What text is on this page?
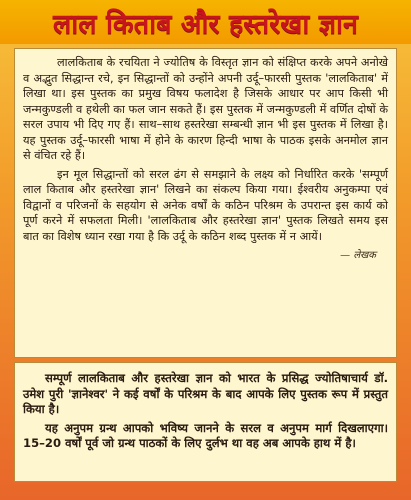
लाल किताब और हस्तरेखा ज्ञान

लालकिताब के रचयिता ने ज्योतिष के विस्तृत ज्ञान को संक्षिप्त करके अपने अनोखे व अद्भुत सिद्धान्त रचे, इन सिद्धान्तों को उन्होंने अपनी उर्दू–फारसी पुस्तक 'लालकिताब' में लिखा था। इस पुस्तक का प्रमुख विषय फलादेश है जिसके आधार पर आप किसी भी जन्मकुण्डली व हथेली का फल जान सकते हैं। इस पुस्तक में जन्मकुण्डली में वर्णित दोषों के सरल उपाय भी दिए गए हैं। साथ–साथ हस्तरेखा सम्बन्धी ज्ञान भी इस पुस्तक में लिखा है। यह पुस्तक उर्दू–फारसी भाषा में होने के कारण हिन्दी भाषा के पाठक इसके अनमोल ज्ञान से वंचित रहे हैं।

इन मूल सिद्धान्तों को सरल ढंग से समझाने के लक्ष्य को निर्धारित करके 'सम्पूर्ण लाल किताब और हस्तरेखा ज्ञान' लिखने का संकल्प किया गया। ईश्वरीय अनुकम्पा एवं विद्वानों व परिजनों के सहयोग से अनेक वर्षों के कठिन परिश्रम के उपरान्त इस कार्य को पूर्ण करने में सफलता मिली। 'लालकिताब और हस्तरेखा ज्ञान' पुस्तक लिखते समय इस बात का विशेष ध्यान रखा गया है कि उर्दू के कठिन शब्द पुस्तक में न आयें।

— लेखक

सम्पूर्ण लालकिताब और हस्तरेखा ज्ञान को भारत के प्रसिद्ध ज्योतिषाचार्य डॉ. उमेश पुरी 'ज्ञानेश्वर' ने कई वर्षों के परिश्रम के बाद आपके लिए पुस्तक रूप में प्रस्तुत किया है।

यह अनुपम ग्रन्थ आपको भविष्य जानने के सरल व अनुपम मार्ग दिखलाएगा। 15–20 वर्षों पूर्व जो ग्रन्थ पाठकों के लिए दुर्लभ था वह अब आपके हाथ में है।
